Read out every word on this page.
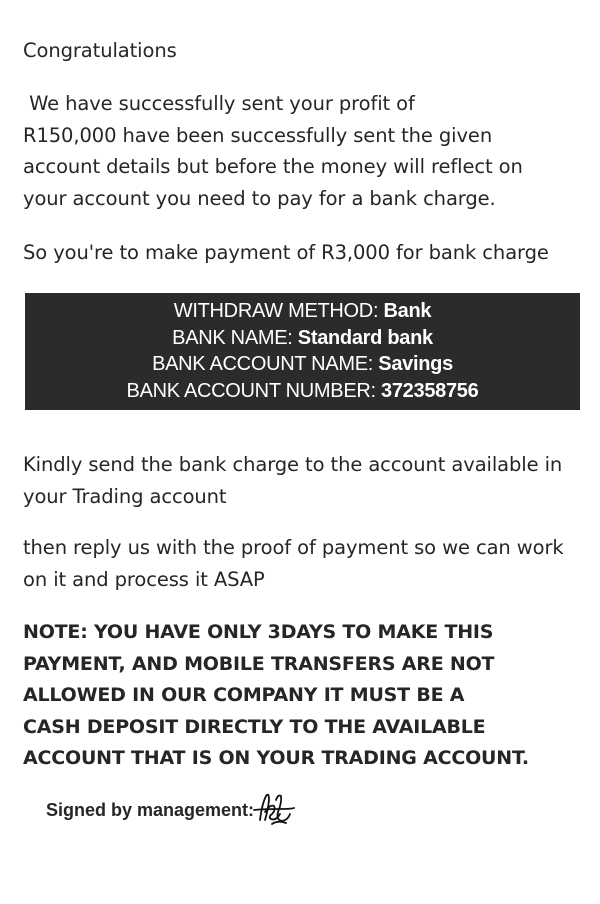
Congratulations
We have successfully sent your profit of
R150,000 have been successfully sent the given
account details but before the money will reflect on
your account you need to pay for a bank charge.
So you're to make payment of R3,000 for bank charge
WITHDRAW METHOD: Bank
BANK NAME: Standard bank
BANK ACCOUNT NAME: Savings
BANK ACCOUNT NUMBER: 372358756
Kindly send the bank charge to the account available in
your Trading account
then reply us with the proof of payment so we can work
on it and process it ASAP
NOTE: YOU HAVE ONLY 3DAYS TO MAKE THIS
PAYMENT, AND MOBILE TRANSFERS ARE NOT
ALLOWED IN OUR COMPANY IT MUST BE A
CASH DEPOSIT DIRECTLY TO THE AVAILABLE
ACCOUNT THAT IS ON YOUR TRADING ACCOUNT.
Signed by management:
